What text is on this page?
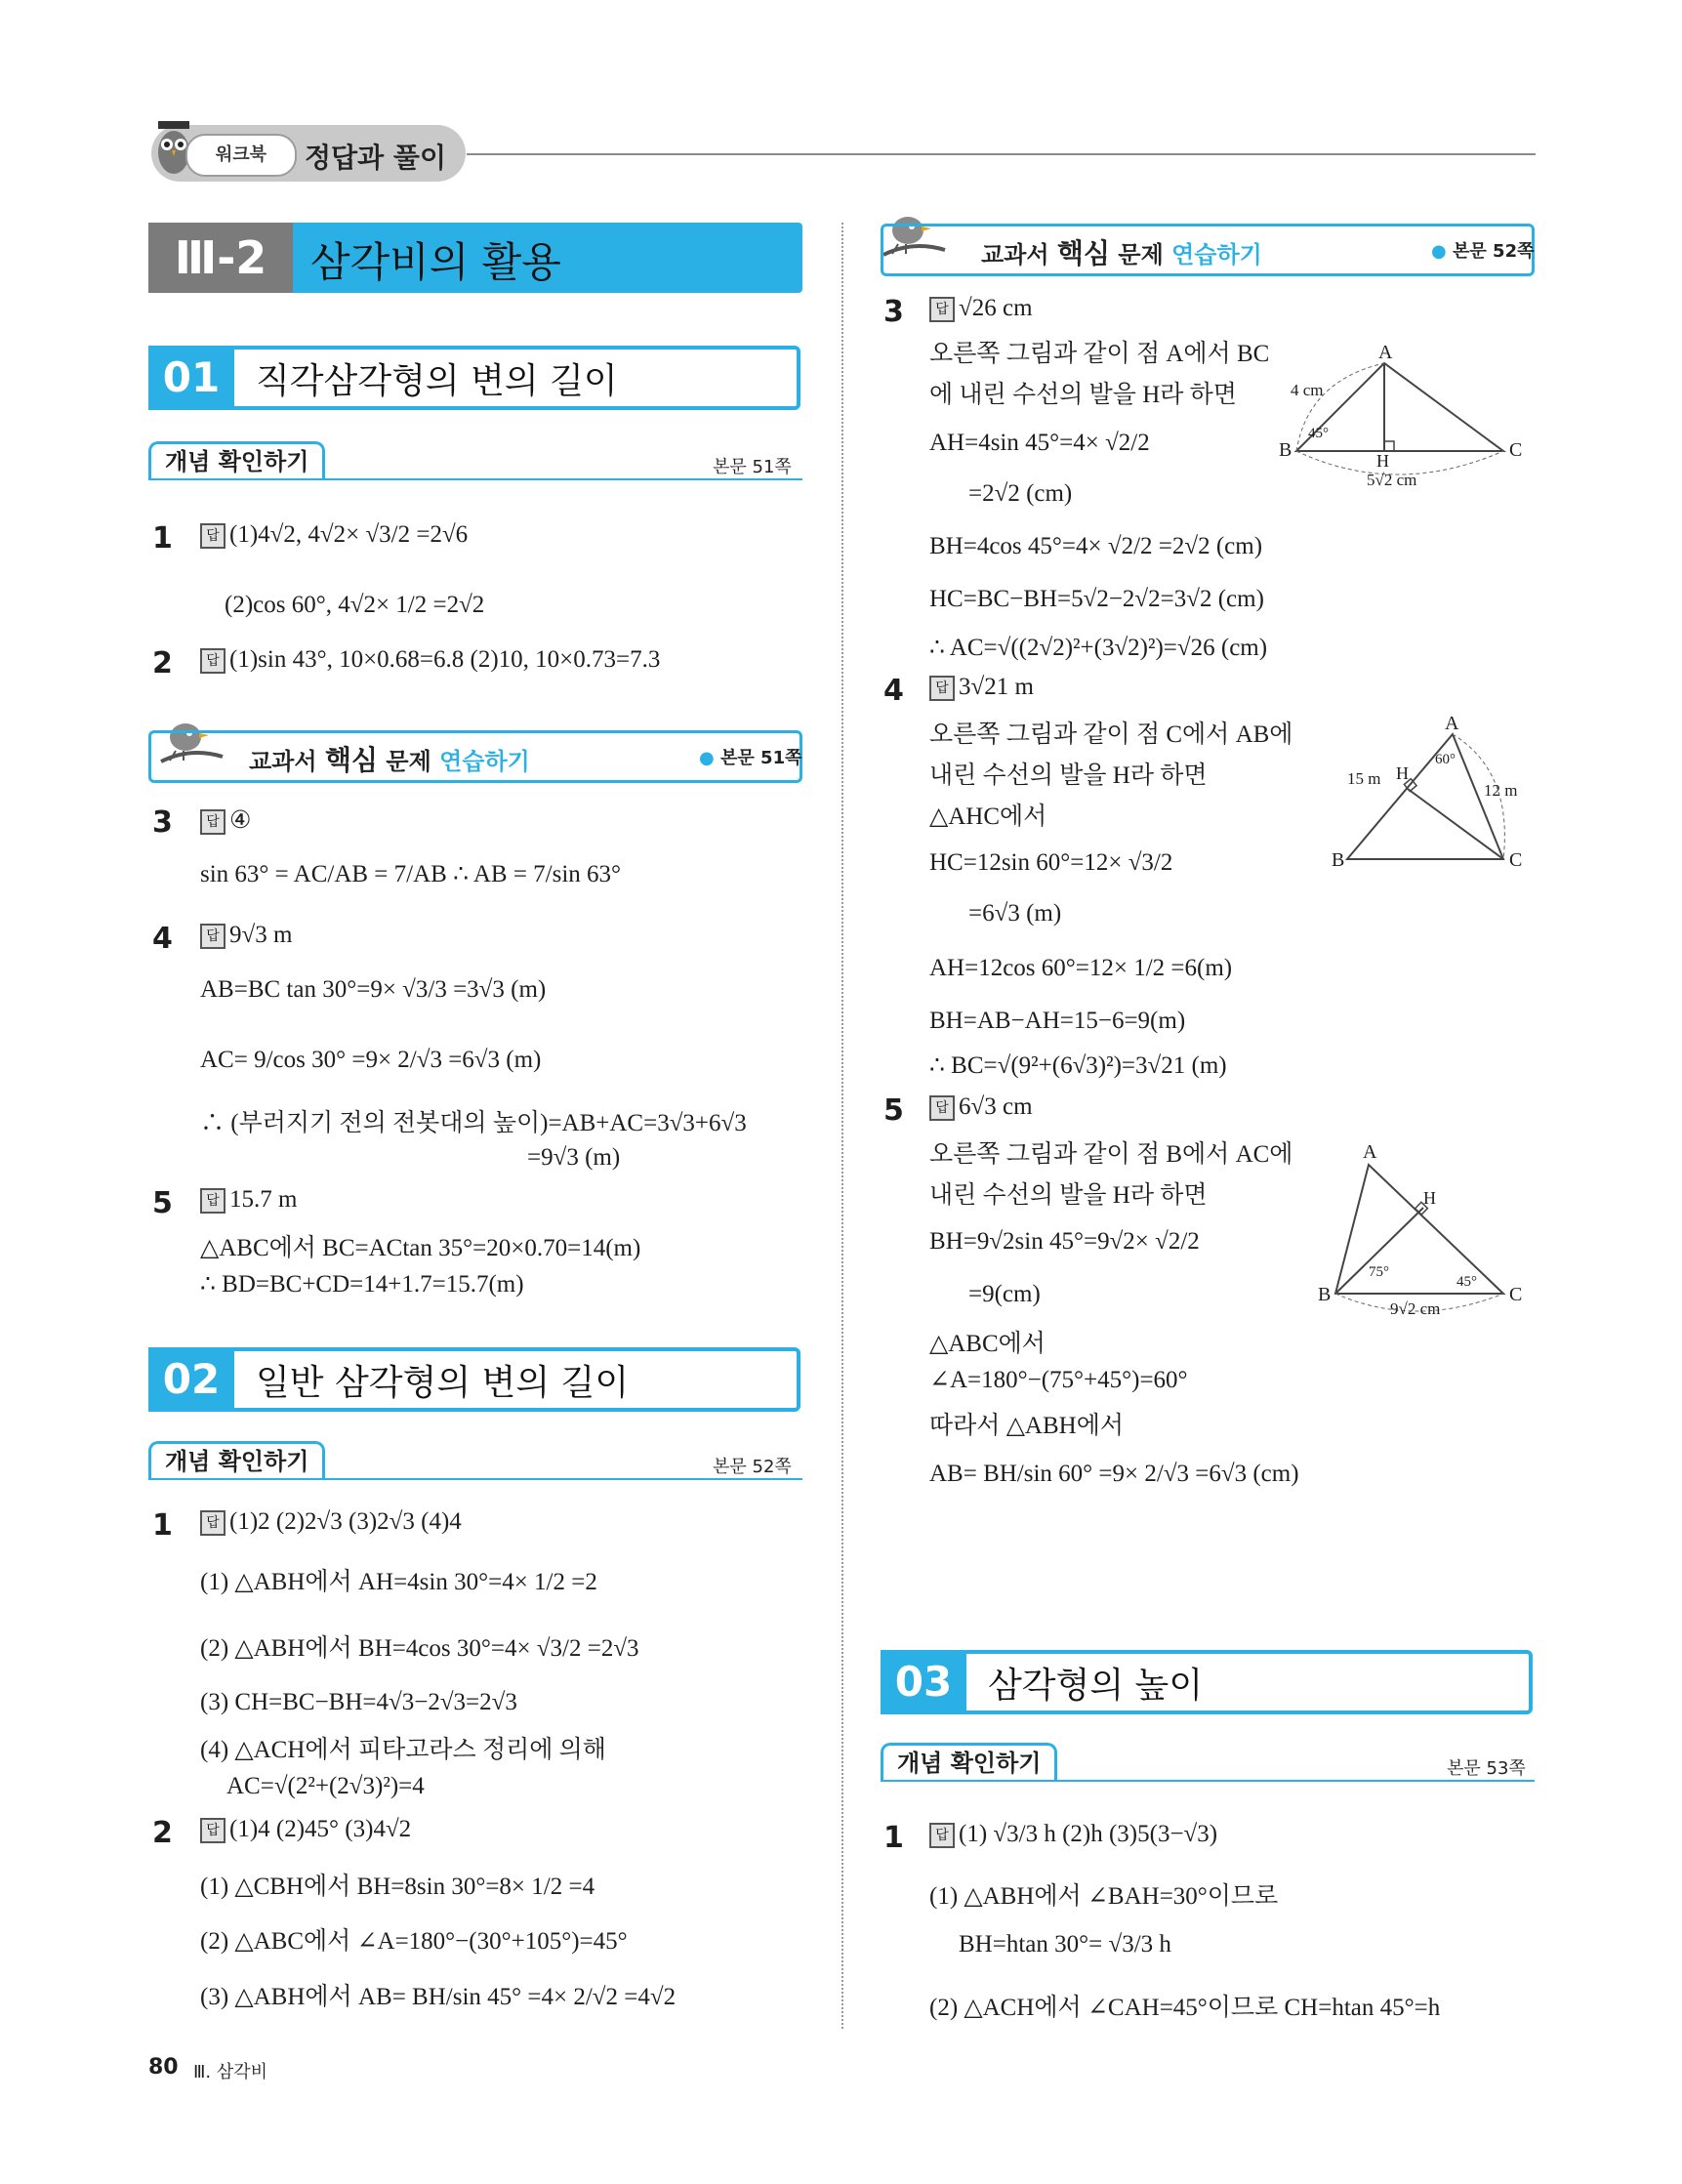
워크북	정답과 풀이
Ⅲ-2	삼각비의 활용
01	직각삼각형의 변의 길이
개념 확인하기	본문 51쪽
1	답 (1)4√2, 4√2× √3/2 =2√6
(2)cos 60°, 4√2× 1/2 =2√2
2	답 (1)sin 43°, 10×0.68=6.8 (2)10, 10×0.73=7.3
교과서 핵심 문제 연습하기	● 본문 51쪽
3	답 ④
sin 63° = AC/AB = 7/AB ∴ AB = 7/sin 63°
4	답 9√3 m
AB=BC tan 30°=9× √3/3 =3√3 (m)
AC= 9/cos 30° =9× 2/√3 =6√3 (m)
∴ (부러지기 전의 전봇대의 높이)=AB+AC=3√3+6√3
=9√3 (m)
5	답 15.7 m
△ABC에서 BC=ACtan 35°=20×0.70=14(m)
∴ BD=BC+CD=14+1.7=15.7(m)
02	일반 삼각형의 변의 길이
개념 확인하기	본문 52쪽
1	답 (1)2 (2)2√3 (3)2√3 (4)4
(1) △ABH에서 AH=4sin 30°=4× 1/2 =2
(2) △ABH에서 BH=4cos 30°=4× √3/2 =2√3
(3) CH=BC−BH=4√3−2√3=2√3
(4) △ACH에서 피타고라스 정리에 의해
AC=√(2²+(2√3)²)=4
2	답 (1)4 (2)45° (3)4√2
(1) △CBH에서 BH=8sin 30°=8× 1/2 =4
(2) △ABC에서 ∠A=180°−(30°+105°)=45°
(3) △ABH에서 AB= BH/sin 45° =4× 2/√2 =4√2
교과서 핵심 문제 연습하기	● 본문 52쪽
3	답 √26 cm
오른쪽 그림과 같이 점 A에서 BC
에 내린 수선의 발을 H라 하면
AH=4sin 45°=4× √2/2
=2√2 (cm)
BH=4cos 45°=4× √2/2 =2√2 (cm)
HC=BC−BH=5√2−2√2=3√2 (cm)
∴ AC=√((2√2)²+(3√2)²)=√26 (cm)
A
B	C
H
4 cm
45°
5√2 cm
4	답 3√21 m
오른쪽 그림과 같이 점 C에서 AB에
내린 수선의 발을 H라 하면
△AHC에서
HC=12sin 60°=12× √3/2
=6√3 (m)
AH=12cos 60°=12× 1/2 =6(m)
BH=AB−AH=15−6=9(m)
∴ BC=√(9²+(6√3)²)=3√21 (m)
A
B	C
H
15 m
12 m
60°
5	답 6√3 cm
오른쪽 그림과 같이 점 B에서 AC에
내린 수선의 발을 H라 하면
BH=9√2sin 45°=9√2× √2/2
=9(cm)
△ABC에서
∠A=180°−(75°+45°)=60°
따라서 △ABH에서
AB= BH/sin 60° =9× 2/√3 =6√3 (cm)
A
B	C
H
75°
45°
9√2 cm
03	삼각형의 높이
개념 확인하기	본문 53쪽
1	답 (1) √3/3 h (2)h (3)5(3−√3)
(1) △ABH에서 ∠BAH=30°이므로
BH=htan 30°= √3/3 h
(2) △ACH에서 ∠CAH=45°이므로 CH=htan 45°=h
80 Ⅲ. 삼각비
